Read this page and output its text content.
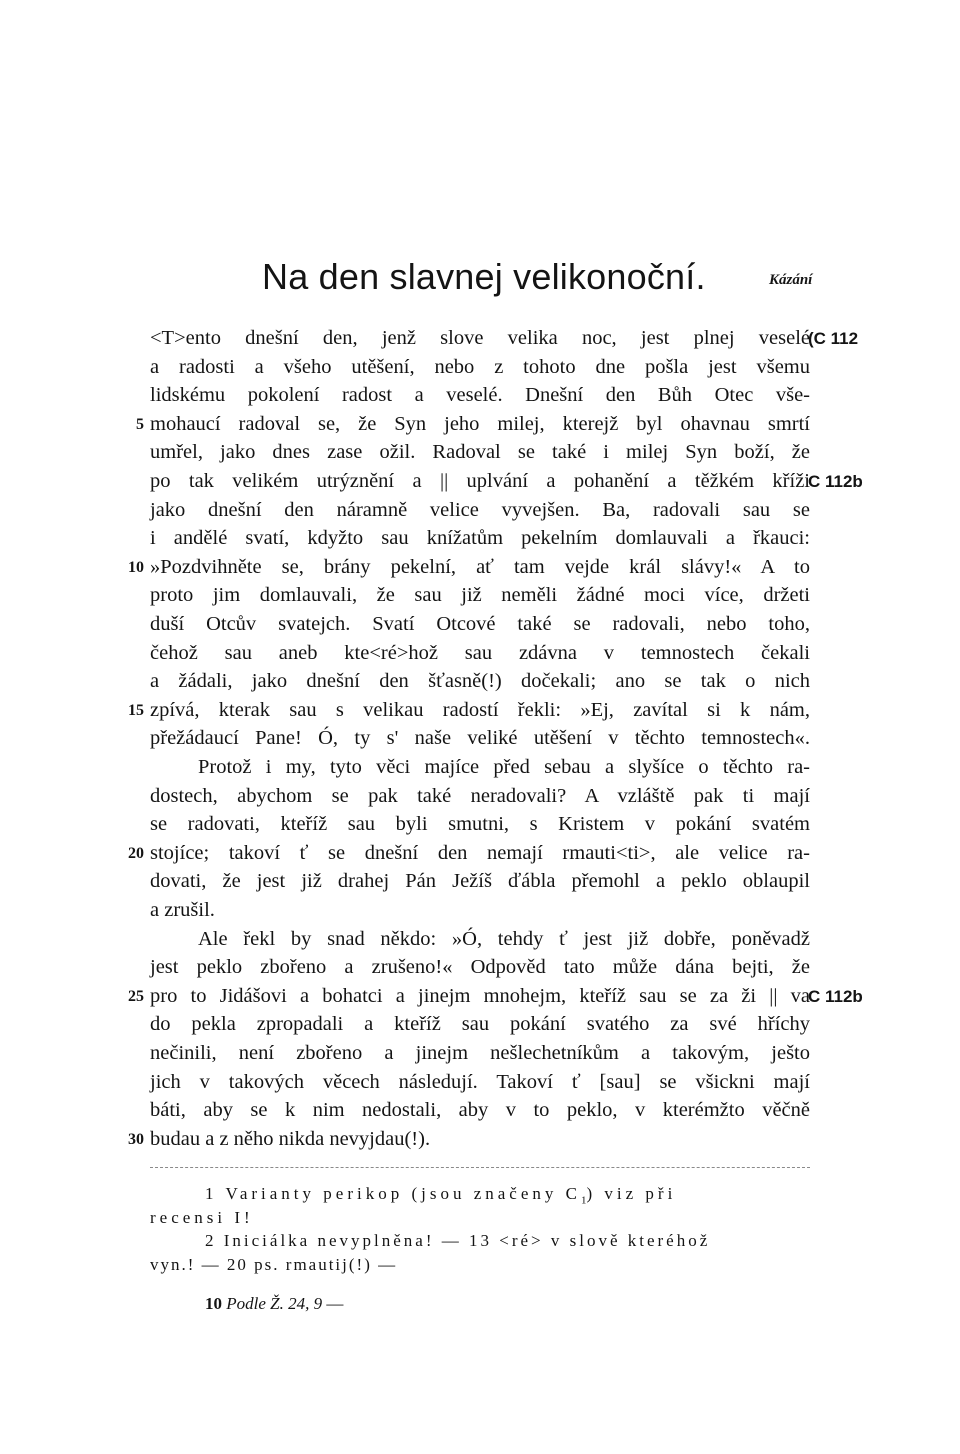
Na den slavnej velikonoční.	Kázání
<T>ento dnešní den, jenž slove velika noc, jest plnej veselé
(C 112
a radosti a všeho utěšení, nebo z tohoto dne pošla jest všemu
lidskému pokolení radost a veselé. Dnešní den Bůh Otec vše-
mohaucí radoval se, že Syn jeho milej, kterejž byl ohavnau smrtí
5
umřel, jako dnes zase ožil. Radoval se také i milej Syn boží, že
po tak velikém utrýznění a || uplvání a pohanění a těžkém kříži
C 112b
jako dnešní den náramně velice vyvejšen. Ba, radovali sau se
i andělé svatí, kdyžto sau knížatům pekelním domlauvali a řkauci:
»Pozdvihněte se, brány pekelní, ať tam vejde král slávy!« A to
10
proto jim domlauvali, že sau již neměli žádné moci více, držeti
duší Otcův svatejch. Svatí Otcové také se radovali, nebo toho,
čehož sau aneb kte<ré>hož sau zdávna v temnostech čekali
a žádali, jako dnešní den šťasně(!) dočekali; ano se tak o nich
zpívá, kterak sau s velikau radostí řekli: »Ej, zavítal si k nám,
15
přežádaucí Pane! Ó, ty s' naše veliké utěšení v těchto temnostech«.
Protož i my, tyto věci majíce před sebau a slyšíce o těchto ra-
dostech, abychom se pak také neradovali? A vzláště pak ti mají
se radovati, kteříž sau byli smutni, s Kristem v pokání svatém
stojíce; takoví ť se dnešní den nemají rmauti<ti>, ale velice ra-
20
dovati, že jest již drahej Pán Ježíš ďábla přemohl a peklo oblaupil
a zrušil.
Ale řekl by snad někdo: »Ó, tehdy ť jest již dobře, poněvadž
jest peklo zbořeno a zrušeno!« Odpověd tato může dána bejti, že
pro to Jidášovi a bohatci a jinejm mnohejm, kteříž sau se za ži || va
25	C 112b
do pekla zpropadali a kteříž sau pokání svatého za své hříchy
nečinili, není zbořeno a jinejm nešlechetníkům a takovým, ješto
jich v takových věcech následují. Takoví ť [sau] se všickni mají
báti, aby se k nim nedostali, aby v to peklo, v kterémžto věčně
budau a z něho nikda nevyjdau(!).
30
1 Varianty perikop (jsou značeny $C_1$) viz při
recensi I!
2 Iniciálka nevyplněna! — 13 <ré> v slově kteréhož
vyn.! — 20 ps. rmautij(!) —
10 Podle Ž. 24, 9 —
